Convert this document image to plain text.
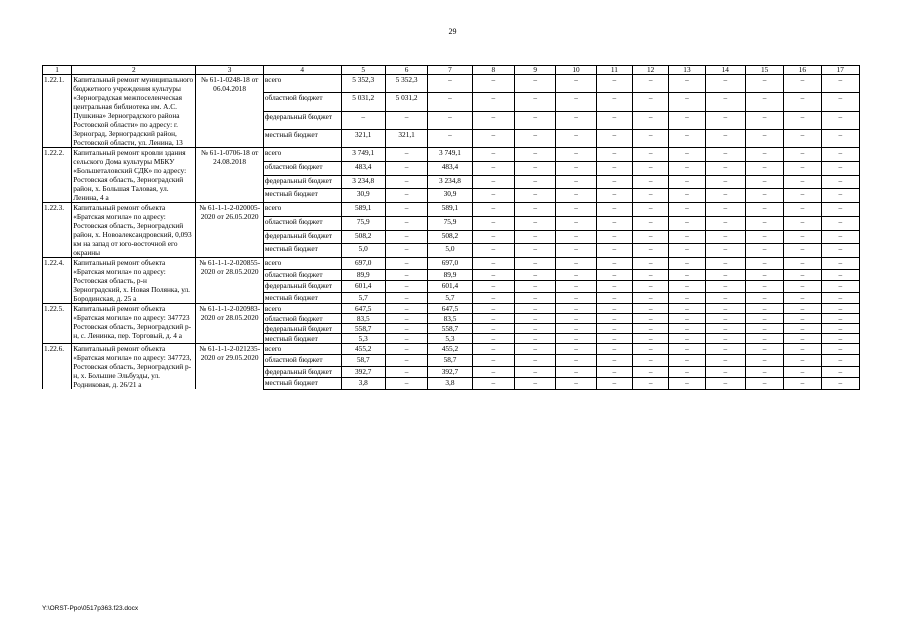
29
1	2	3	4	5	6	7	8	9	10	11	12	13	14	15	16	17
1.22.1.	Капитальный ремонт муниципального бюджетного учреждения культуры «Зерноградская межпоселенческая центральная библиотека им. А.С. Пушкина» Зерноградского района Ростовской области» по адресу: г. Зерноград, Зерноградский район, Ростовской области, ул. Ленина, 13	№ 61-1-0248-18 от 06.04.2018	всего	5 352,3	5 352,3	–	–	–	–	–	–	–	–	–	–	–
			областной бюджет	5 031,2	5 031,2	–	–	–	–	–	–	–	–	–	–	–
			федеральный бюджет	–	–	–	–	–	–	–	–	–	–	–	–	–
			местный бюджет	321,1	321,1	–	–	–	–	–	–	–	–	–	–	–
1.22.2.	Капитальный ремонт кровли здания сельского Дома культуры МБКУ «Большеталовский СДК» по адресу: Ростовская область, Зерноградский район, х. Большая Таловая, ул. Ленина, 4 а	№ 61-1-0706-18 от 24.08.2018	всего	3 749,1	–	3 749,1	–	–	–	–	–	–	–	–	–	–
			областной бюджет	483,4	–	483,4	–	–	–	–	–	–	–	–	–	–
			федеральный бюджет	3 234,8	–	3 234,8	–	–	–	–	–	–	–	–	–	–
			местный бюджет	30,9	–	30,9	–	–	–	–	–	–	–	–	–	–
1.22.3.	Капитальный ремонт объекта «Братская могила» по адресу: Ростовская область, Зерноградский район, х. Новоалександровский, 0,093 км на запад от юго-восточной его окраины	№ 61-1-1-2-020005-2020 от 26.05.2020	всего	589,1	–	589,1	–	–	–	–	–	–	–	–	–	–
			областной бюджет	75,9	–	75,9	–	–	–	–	–	–	–	–	–	–
			федеральный бюджет	508,2	–	508,2	–	–	–	–	–	–	–	–	–	–
			местный бюджет	5,0	–	5,0	–	–	–	–	–	–	–	–	–	–
1.22.4.	Капитальный ремонт объекта «Братская могила» по адресу: Ростовская область, р-н Зерноградский, х. Новая Полянка, ул. Бородинская, д. 25 а	№ 61-1-1-2-020855-2020 от 28.05.2020	всего	697,0	–	697,0	–	–	–	–	–	–	–	–	–	–
			областной бюджет	89,9	–	89,9	–	–	–	–	–	–	–	–	–	–
			федеральный бюджет	601,4	–	601,4	–	–	–	–	–	–	–	–	–	–
			местный бюджет	5,7	–	5,7	–	–	–	–	–	–	–	–	–	–
1.22.5.	Капитальный ремонт объекта «Братская могила» по адресу: 347723 Ростовская область, Зерноградский р-н, с. Ленинка, пер. Торговый, д. 4 а	№ 61-1-1-2-020983-2020 от 28.05.2020	всего	647,5	–	647,5	–	–	–	–	–	–	–	–	–	–
			областной бюджет	83,5	–	83,5	–	–	–	–	–	–	–	–	–	–
			федеральный бюджет	558,7	–	558,7	–	–	–	–	–	–	–	–	–	–
			местный бюджет	5,3	–	5,3	–	–	–	–	–	–	–	–	–	–
1.22.6.	Капитальный ремонт объекта «Братская могила» по адресу: 347723, Ростовская область, Зерноградский р-н, х. Большие Эльбузды, ул. Родниковая, д. 26/21 а	№ 61-1-1-2-021235-2020 от 29.05.2020	всего	455,2	–	455,2	–	–	–	–	–	–	–	–	–	–
			областной бюджет	58,7	–	58,7	–	–	–	–	–	–	–	–	–	–
			федеральный бюджет	392,7	–	392,7	–	–	–	–	–	–	–	–	–	–
			местный бюджет	3,8	–	3,8	–	–	–	–	–	–	–	–	–	–
Y:\ORST-Ppo\0517p363.f23.docx
